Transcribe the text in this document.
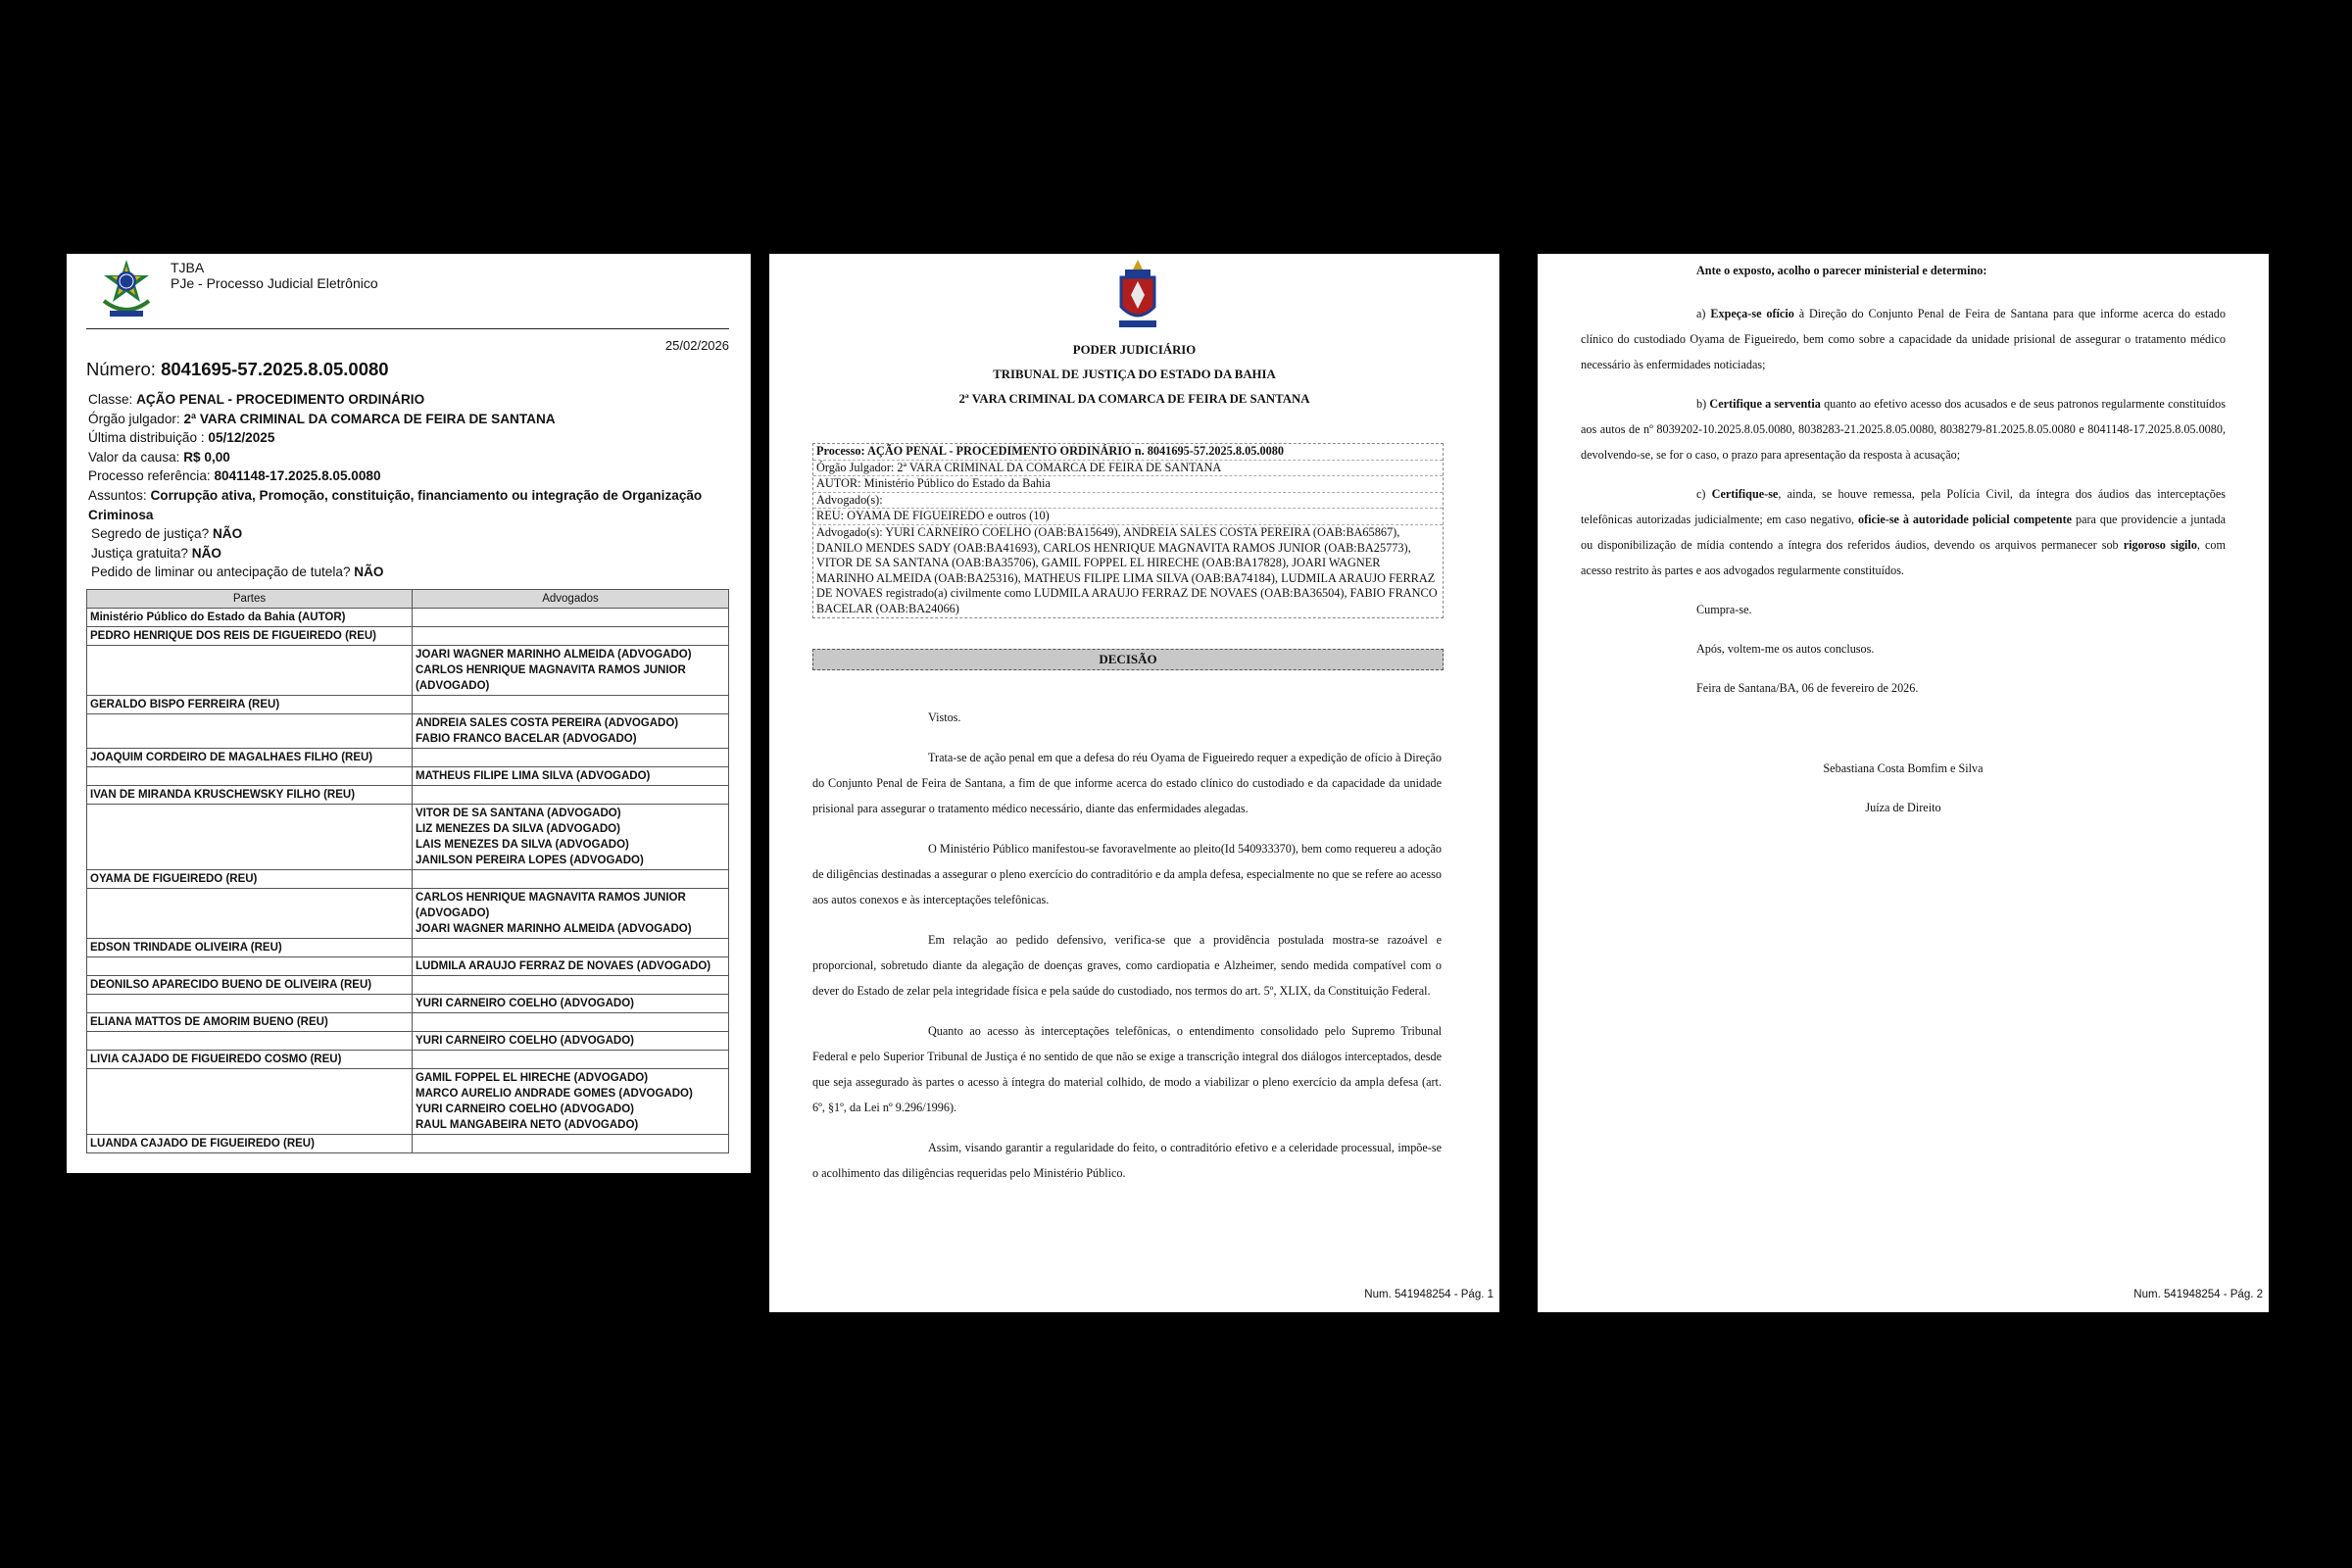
TJBA
PJe - Processo Judicial Eletrônico
25/02/2026
Número: 8041695-57.2025.8.05.0080
Classe: AÇÃO PENAL - PROCEDIMENTO ORDINÁRIO
Órgão julgador: 2ª VARA CRIMINAL DA COMARCA DE FEIRA DE SANTANA
Última distribuição : 05/12/2025
Valor da causa: R$ 0,00
Processo referência: 8041148-17.2025.8.05.0080
Assuntos: Corrupção ativa, Promoção, constituição, financiamento ou integração de Organização Criminosa
Segredo de justiça? NÃO
Justiça gratuita? NÃO
Pedido de liminar ou antecipação de tutela? NÃO
Partes	Advogados
Ministério Público do Estado da Bahia (AUTOR)	
PEDRO HENRIQUE DOS REIS DE FIGUEIREDO (REU)	
	JOARI WAGNER MARINHO ALMEIDA (ADVOGADO)
CARLOS HENRIQUE MAGNAVITA RAMOS JUNIOR (ADVOGADO)
GERALDO BISPO FERREIRA (REU)	
	ANDREIA SALES COSTA PEREIRA (ADVOGADO)
FABIO FRANCO BACELAR (ADVOGADO)
JOAQUIM CORDEIRO DE MAGALHAES FILHO (REU)	
	MATHEUS FILIPE LIMA SILVA (ADVOGADO)
IVAN DE MIRANDA KRUSCHEWSKY FILHO (REU)	
	VITOR DE SA SANTANA (ADVOGADO)
LIZ MENEZES DA SILVA (ADVOGADO)
LAIS MENEZES DA SILVA (ADVOGADO)
JANILSON PEREIRA LOPES (ADVOGADO)
OYAMA DE FIGUEIREDO (REU)	
	CARLOS HENRIQUE MAGNAVITA RAMOS JUNIOR (ADVOGADO)
JOARI WAGNER MARINHO ALMEIDA (ADVOGADO)
EDSON TRINDADE OLIVEIRA (REU)	
	LUDMILA ARAUJO FERRAZ DE NOVAES (ADVOGADO)
DEONILSO APARECIDO BUENO DE OLIVEIRA (REU)	
	YURI CARNEIRO COELHO (ADVOGADO)
ELIANA MATTOS DE AMORIM BUENO (REU)	
	YURI CARNEIRO COELHO (ADVOGADO)
LIVIA CAJADO DE FIGUEIREDO COSMO (REU)	
	GAMIL FOPPEL EL HIRECHE (ADVOGADO)
MARCO AURELIO ANDRADE GOMES (ADVOGADO)
YURI CARNEIRO COELHO (ADVOGADO)
RAUL MANGABEIRA NETO (ADVOGADO)
LUANDA CAJADO DE FIGUEIREDO (REU)	
PODER JUDICIÁRIO
TRIBUNAL DE JUSTIÇA DO ESTADO DA BAHIA
2ª VARA CRIMINAL DA COMARCA DE FEIRA DE SANTANA
Processo: AÇÃO PENAL - PROCEDIMENTO ORDINÁRIO n. 8041695-57.2025.8.05.0080
Órgão Julgador: 2ª VARA CRIMINAL DA COMARCA DE FEIRA DE SANTANA
AUTOR: Ministério Público do Estado da Bahia
Advogado(s):
REU: OYAMA DE FIGUEIREDO e outros (10)
Advogado(s): YURI CARNEIRO COELHO (OAB:BA15649), ANDREIA SALES COSTA PEREIRA (OAB:BA65867), DANILO MENDES SADY (OAB:BA41693), CARLOS HENRIQUE MAGNAVITA RAMOS JUNIOR (OAB:BA25773), VITOR DE SA SANTANA (OAB:BA35706), GAMIL FOPPEL EL HIRECHE (OAB:BA17828), JOARI WAGNER MARINHO ALMEIDA (OAB:BA25316), MATHEUS FILIPE LIMA SILVA (OAB:BA74184), LUDMILA ARAUJO FERRAZ DE NOVAES registrado(a) civilmente como LUDMILA ARAUJO FERRAZ DE NOVAES (OAB:BA36504), FABIO FRANCO BACELAR (OAB:BA24066)
DECISÃO

Vistos.

Trata-se de ação penal em que a defesa do réu Oyama de Figueiredo requer a expedição de ofício à Direção do Conjunto Penal de Feira de Santana, a fim de que informe acerca do estado clínico do custodiado e da capacidade da unidade prisional para assegurar o tratamento médico necessário, diante das enfermidades alegadas.

O Ministério Público manifestou-se favoravelmente ao pleito(Id 540933370), bem como requereu a adoção de diligências destinadas a assegurar o pleno exercício do contraditório e da ampla defesa, especialmente no que se refere ao acesso aos autos conexos e às interceptações telefônicas.

Em relação ao pedido defensivo, verifica-se que a providência postulada mostra-se razoável e proporcional, sobretudo diante da alegação de doenças graves, como cardiopatia e Alzheimer, sendo medida compatível com o dever do Estado de zelar pela integridade física e pela saúde do custodiado, nos termos do art. 5º, XLIX, da Constituição Federal.

Quanto ao acesso às interceptações telefônicas, o entendimento consolidado pelo Supremo Tribunal Federal e pelo Superior Tribunal de Justiça é no sentido de que não se exige a transcrição integral dos diálogos interceptados, desde que seja assegurado às partes o acesso à íntegra do material colhido, de modo a viabilizar o pleno exercício da ampla defesa (art. 6º, §1º, da Lei nº 9.296/1996).

Assim, visando garantir a regularidade do feito, o contraditório efetivo e a celeridade processual, impõe-se o acolhimento das diligências requeridas pelo Ministério Público.

Num. 541948254 - Pág. 1

Ante o exposto, acolho o parecer ministerial e determino:

a) Expeça-se ofício à Direção do Conjunto Penal de Feira de Santana para que informe acerca do estado clínico do custodiado Oyama de Figueiredo, bem como sobre a capacidade da unidade prisional de assegurar o tratamento médico necessário às enfermidades noticiadas;

b) Certifique a serventia quanto ao efetivo acesso dos acusados e de seus patronos regularmente constituídos aos autos de nº 8039202-10.2025.8.05.0080, 8038283-21.2025.8.05.0080, 8038279-81.2025.8.05.0080 e 8041148-17.2025.8.05.0080, devolvendo-se, se for o caso, o prazo para apresentação da resposta à acusação;

c) Certifique-se, ainda, se houve remessa, pela Polícia Civil, da íntegra dos áudios das interceptações telefônicas autorizadas judicialmente; em caso negativo, oficie-se à autoridade policial competente para que providencie a juntada ou disponibilização de mídia contendo a íntegra dos referidos áudios, devendo os arquivos permanecer sob rigoroso sigilo, com acesso restrito às partes e aos advogados regularmente constituídos.

Cumpra-se.

Após, voltem-me os autos conclusos.

Feira de Santana/BA, 06 de fevereiro de 2026.

Sebastiana Costa Bomfim e Silva

Juíza de Direito

Num. 541948254 - Pág. 2
